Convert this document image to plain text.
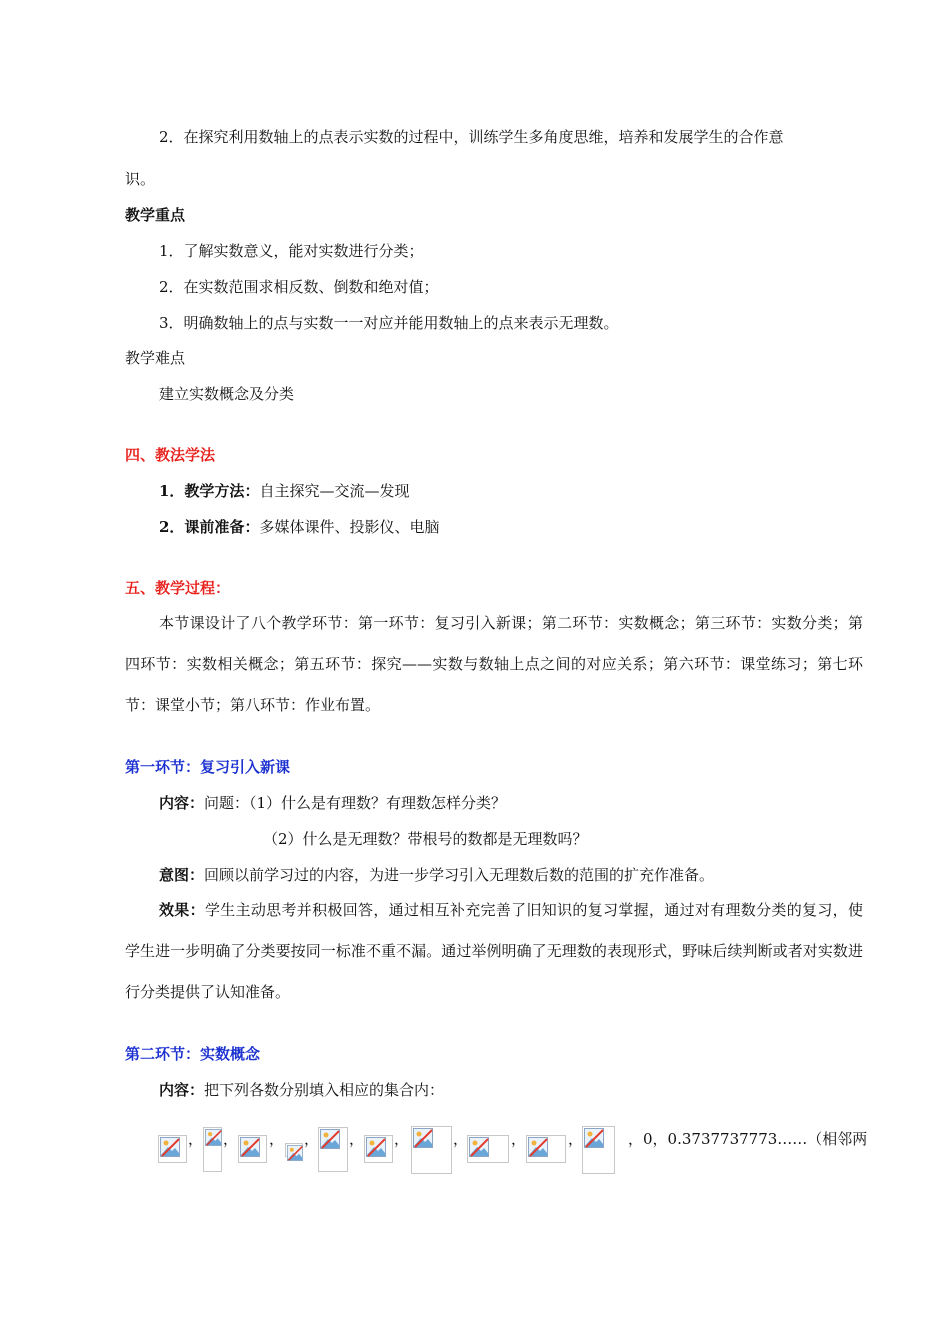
2．在探究利用数轴上的点表示实数的过程中，训练学生多角度思维，培养和发展学生的合作意
识。
教学重点
1．了解实数意义，能对实数进行分类；
2．在实数范围求相反数、倒数和绝对值；
3．明确数轴上的点与实数一一对应并能用数轴上的点来表示无理数。
教学难点
建立实数概念及分类
四、教法学法
1．教学方法：自主探究—交流—发现
2．课前准备：多媒体课件、投影仪、电脑
五、教学过程：
本节课设计了八个教学环节：第一环节：复习引入新课；第二环节：实数概念；第三环节：实数分类；第四环节：实数相关概念；第五环节：探究——实数与数轴上点之间的对应关系；第六环节：课堂练习；第七环节：课堂小节；第八环节：作业布置。
第一环节：复习引入新课
内容：问题：（1）什么是有理数？有理数怎样分类？
（2）什么是无理数？带根号的数都是无理数吗？
意图：回顾以前学习过的内容，为进一步学习引入无理数后数的范围的扩充作准备。
效果：学生主动思考并积极回答，通过相互补充完善了旧知识的复习掌握，通过对有理数分类的复习，使学生进一步明确了分类要按同一标准不重不漏。通过举例明确了无理数的表现形式，野味后续判断或者对实数进行分类提供了认知准备。
第二环节：实数概念
内容：把下列各数分别填入相应的集合内：
， ， ， ， ， ，	，	，	，	，0，0.3737737773……（相邻两
